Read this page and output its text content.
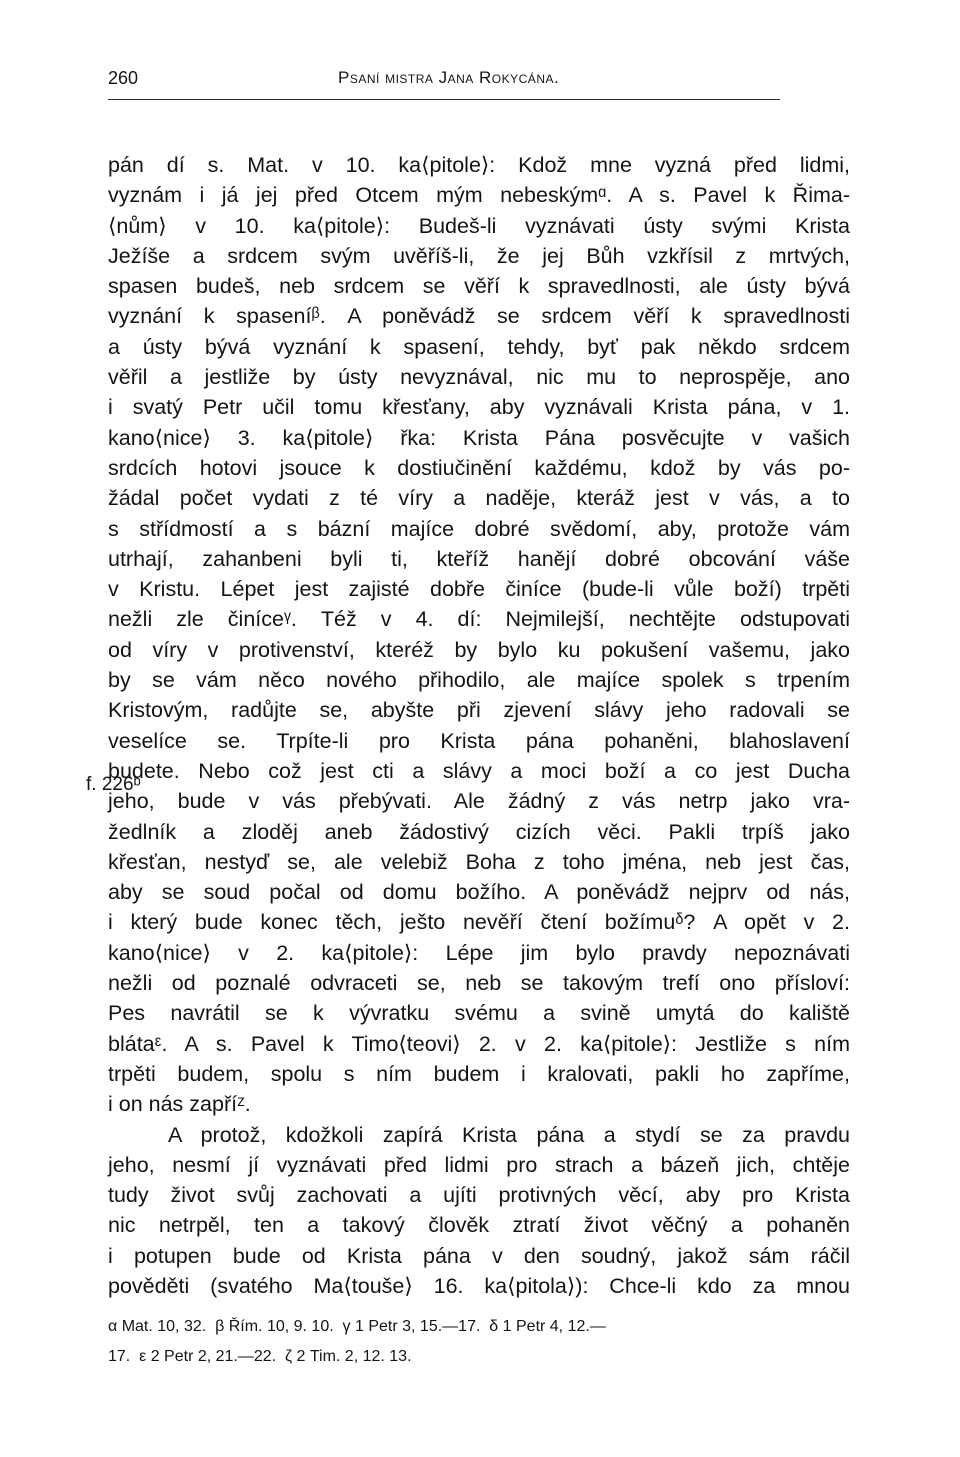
260	Psaní mistra Jana Rokycána.
f. 226ᵇ
pán dí s. Mat. v 10. ka⟨pitole⟩: Kdož mne vyzná před lidmi,
vyznám i já jej před Otcem mým nebeskýmᵅ. A s. Pavel k Řima-
⟨nům⟩ v 10. ka⟨pitole⟩: Budeš-li vyznávati ústy svými Krista
Ježíše a srdcem svým uvěříš-li, že jej Bůh vzkřísil z mrtvých,
spasen budeš, neb srdcem se věří k spravedlnosti, ale ústy bývá
vyznání k spaseníᵝ. A poněvádž se srdcem věří k spravedlnosti
a ústy bývá vyznání k spasení, tehdy, byť pak někdo srdcem
věřil a jestliže by ústy nevyznával, nic mu to neprospěje, ano
i svatý Petr učil tomu křesťany, aby vyznávali Krista pána, v 1.
kano⟨nice⟩ 3. ka⟨pitole⟩ řka: Krista Pána posvěcujte v vašich
srdcích hotovi jsouce k dostiučinění každému, kdož by vás po-
žádal počet vydati z té víry a naděje, kteráž jest v vás, a to
s střídmostí a s bázní majíce dobré svědomí, aby, protože vám
utrhají, zahanbeni byli ti, kteříž hanějí dobré obcování váše
v Kristu. Lépet jest zajisté dobře činíce (bude-li vůle boží) trpěti
nežli zle činíceᵞ. Též v 4. dí: Nejmilejší, nechtějte odstupovati
od víry v protivenství, kteréž by bylo ku pokušení vašemu, jako
by se vám něco nového přihodilo, ale majíce spolek s trpením
Kristovým, radůjte se, abyšte při zjevení slávy jeho radovali se
veselíce se. Trpíte-li pro Krista pána pohaněni, blahoslavení
budete. Nebo což jest cti a slávy a moci boží a co jest Ducha
jeho, bude v vás přebývati. Ale žádný z vás netrp jako vra-
žedlník a zloděj aneb žádostivý cizích věci. Pakli trpíš jako
křesťan, nestyď se, ale velebiž Boha z toho jména, neb jest čas,
aby se soud počal od domu božího. A poněvádž nejprv od nás,
i který bude konec těch, ješto nevěří čtení božímuᵟ? A opět v 2.
kano⟨nice⟩ v 2. ka⟨pitole⟩: Lépe jim bylo pravdy nepoznávati
nežli od poznalé odvraceti se, neb se takovým trefí ono přísloví:
Pes navrátil se k vývratku svému a svině umytá do kaliště
blátaᵋ. A s. Pavel k Timo⟨teovi⟩ 2. v 2. ka⟨pitole⟩: Jestliže s ním
trpěti budem, spolu s ním budem i kralovati, pakli ho zapříme,
i on nás zapříᶻ.
A protož, kdožkoli zapírá Krista pána a stydí se za pravdu
jeho, nesmí jí vyznávati před lidmi pro strach a bázeň jich, chtěje
tudy život svůj zachovati a ujíti protivných věcí, aby pro Krista
nic netrpěl, ten a takový člověk ztratí život věčný a pohaněn
i potupen bude od Krista pána v den soudný, jakož sám ráčil
pověděti (svatého Ma⟨touše⟩ 16. ka⟨pitola⟩): Chce-li kdo za mnou
α Mat. 10, 32.  β Řím. 10, 9. 10.  γ 1 Petr 3, 15.—17.  δ 1 Petr 4, 12.—
17.  ε 2 Petr 2, 21.—22.  ζ 2 Tim. 2, 12. 13.
